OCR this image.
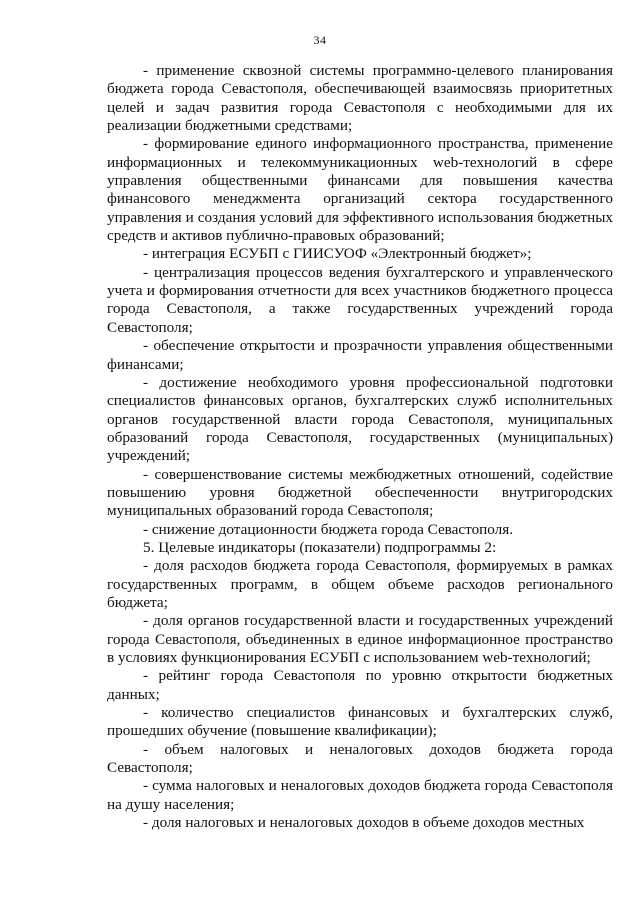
34

- применение сквозной системы программно-целевого планирования бюджета города Севастополя, обеспечивающей взаимосвязь приоритетных целей и задач развития города Севастополя с необходимыми для их реализации бюджетными средствами;

- формирование единого информационного пространства, применение информационных и телекоммуникационных web-технологий в сфере управления общественными финансами для повышения качества финансового менеджмента организаций сектора государственного управления и создания условий для эффективного использования бюджетных средств и активов публично-правовых образований;

- интеграция ЕСУБП с ГИИСУОФ «Электронный бюджет»;

- централизация процессов ведения бухгалтерского и управленческого учета и формирования отчетности для всех участников бюджетного процесса города Севастополя, а также государственных учреждений города Севастополя;

- обеспечение открытости и прозрачности управления общественными финансами;

- достижение необходимого уровня профессиональной подготовки специалистов финансовых органов, бухгалтерских служб исполнительных органов государственной власти города Севастополя, муниципальных образований города Севастополя, государственных (муниципальных) учреждений;

- совершенствование системы межбюджетных отношений, содействие повышению уровня бюджетной обеспеченности внутригородских муниципальных образований города Севастополя;

- снижение дотационности бюджета города Севастополя.

5. Целевые индикаторы (показатели) подпрограммы 2:

- доля расходов бюджета города Севастополя, формируемых в рамках государственных программ, в общем объеме расходов регионального бюджета;

- доля органов государственной власти и государственных учреждений города Севастополя, объединенных в единое информационное пространство в условиях функционирования ЕСУБП с использованием web-технологий;

- рейтинг города Севастополя по уровню открытости бюджетных данных;

- количество специалистов финансовых и бухгалтерских служб, прошедших обучение (повышение квалификации);

- объем налоговых и неналоговых доходов бюджета города Севастополя;

- сумма налоговых и неналоговых доходов бюджета города Севастополя на душу населения;

- доля налоговых и неналоговых доходов в объеме доходов местных
